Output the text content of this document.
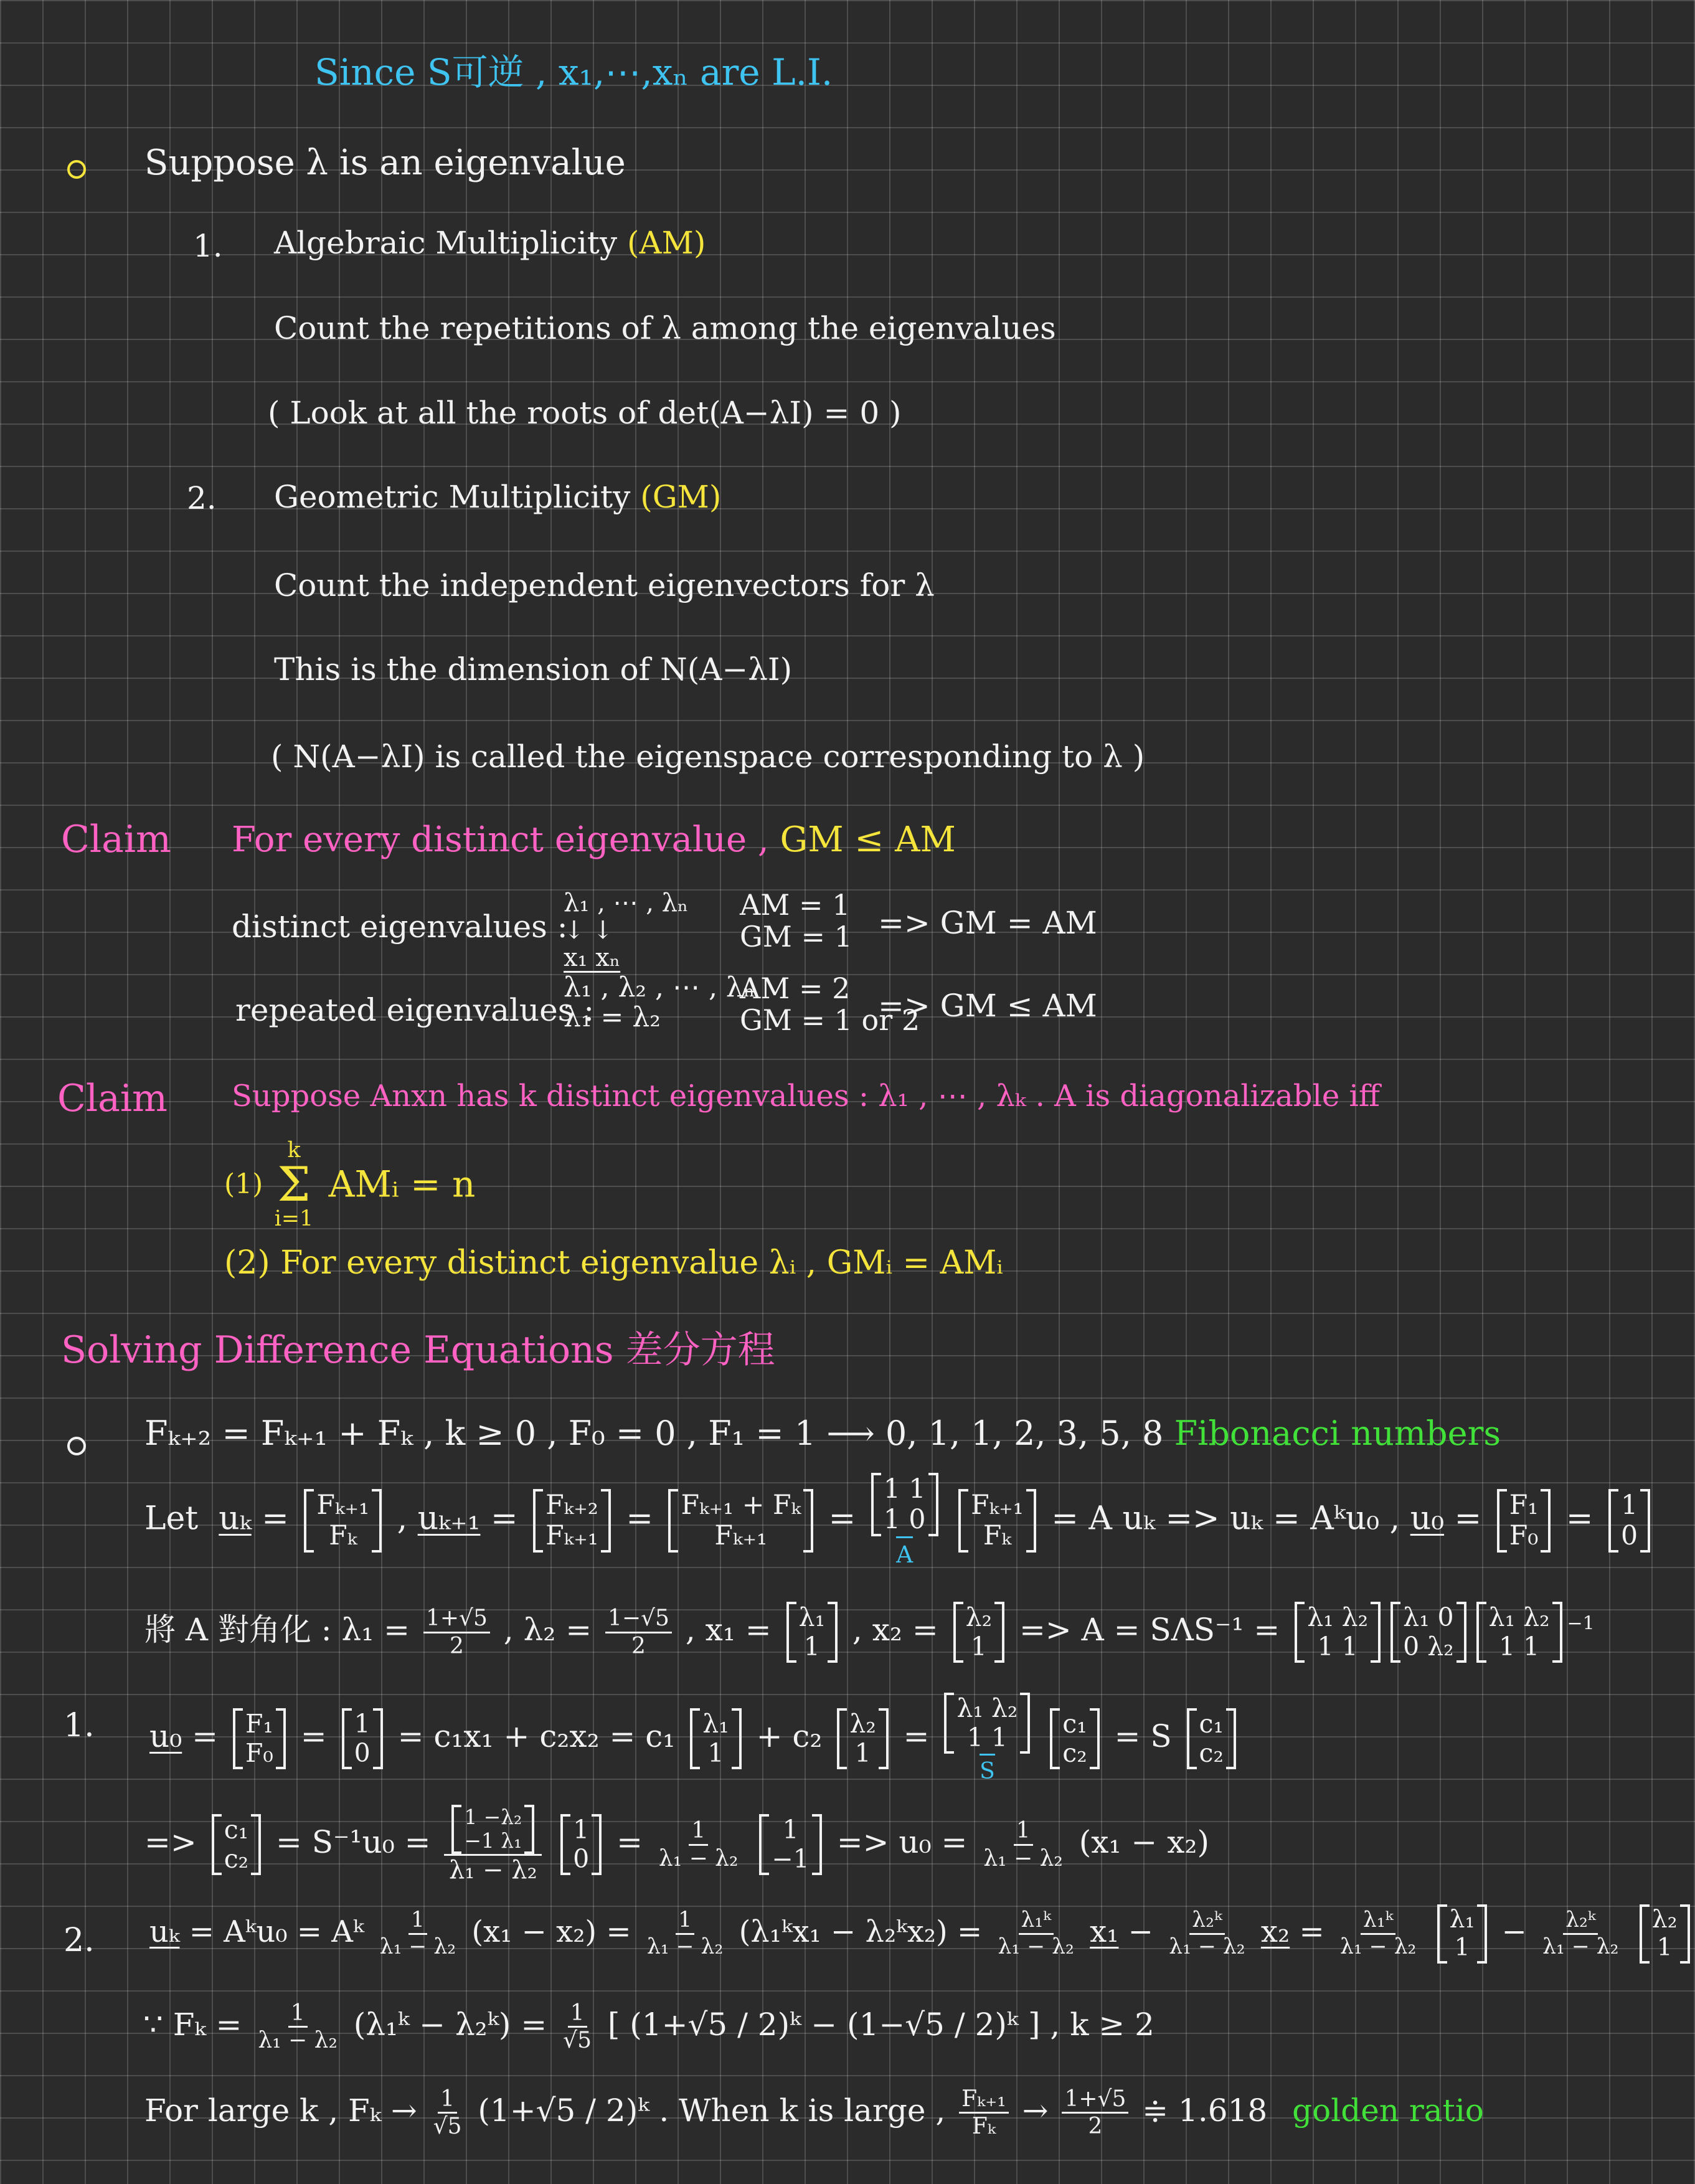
Since S可逆 , x₁,⋯,xₙ are L.I.
Suppose λ is an eigenvalue
1. Algebraic Multiplicity (AM)
Count the repetitions of λ among the eigenvalues
( Look at all the roots of det(A−λI) = 0 )
2. Geometric Multiplicity (GM)
Count the independent eigenvectors for λ
This is the dimension of N(A−λI)
( N(A−λI) is called the eigenspace corresponding to λ )
Claim For every distinct eigenvalue , GM ≤ AM
distinct eigenvalues :
λ₁ , ⋯ , λₙ
↓ ↓
x₁ xₙ
AM = 1
GM = 1 => GM = AM
repeated eigenvalues :
λ₁ , λ₂ , ⋯ , λₙ
λ₁ = λ₂
AM = 2
GM = 1 or 2
=> GM ≤ AM
Claim Suppose Anxn has k distinct eigenvalues : λ₁ , ⋯ , λₖ . A is diagonalizable iff
(1)
k
Σ
i=1
AMᵢ = n
(2) For every distinct eigenvalue λᵢ , GMᵢ = AMᵢ
Solving Difference Equations 差分方程
Fₖ₊₂ = Fₖ₊₁ + Fₖ , k ≥ 0 , F₀ = 0 , F₁ = 1 ⟶ 0, 1, 1, 2, 3, 5, 8 Fibonacci numbers
Let uₖ = Fₖ₊₁
Fₖ	, uₖ₊₁ = Fₖ₊₂
Fₖ₊₁ = Fₖ₊₁ + Fₖ
Fₖ₊₁	=
1 1
1 0
A

Fₖ₊₁
Fₖ	= A uₖ => uₖ = Aᵏu₀ , u₀ = F₁
F₀ = 1
0
將 A 對角化 : $\lambda_1 = \frac{1+√5}{2}$ , $\lambda_2 = \frac{1-√5}{2}$ , x₁ = λ₁
1 , x₂ = λ₂
1 => A = SΛS⁻¹ = λ₁ λ₂
1 1
λ₁ 0
0 λ₂
λ₁ λ₂
1 1
$^{-1}$
1. u₀ = F₁
F₀ = 1
0 = c₁x₁ + c₂x₂ = c₁ λ₁
1 + c₂ λ₂
1 =
λ₁ λ₂
1 1
S

c₁
c₂ = S c₁
c₂
=> c₁
c₂ = S⁻¹u₀ = 1 −λ₂
−1 λ₁
λ₁ − λ₂
1
$0 = \frac{1}{\text{λ₁ − λ₂}}$
	1
$-1 => u_0 = \frac{1}{\text{λ₁ − λ₂}} (x_1 - x_2)$
2. uₖ = Aᵏu₀ = Aᵏ $\frac{1}{\text{λ₁ − λ₂}} (x_1 - x_2) = \frac{1}{\text{λ₁ − λ₂}}$ (λ₁ᵏx₁ − λ₂ᵏx₂) = $\frac{\text{λ₁ᵏ}}{\text{λ₁ − λ₂}} x_1 - \frac{\text{λ₂ᵏ}}{\text{λ₁ − λ₂}} x_2 = \frac{\text{λ₁ᵏ}}{\text{λ₁ − λ₂}}$
λ₁
$1 - \frac{\text{λ₂ᵏ}}{\text{λ₁ − λ₂}}$
λ₂
1
∵ $F_k = \frac{1}{\text{λ₁ − λ₂}}$ (λ₁ᵏ − λ₂ᵏ) = $\frac{1}{√5}$ [ (1+√5 / 2)ᵏ − (1−√5 / 2)ᵏ ] , k ≥ 2
For large k , $F_k \to \frac{1}{√5} (1+√5$ / 2)ᵏ . When k is large , $\frac{\text{Fₖ₊₁}}{\text{Fₖ}} \to \frac{1+√5}{2}$ ≑ 1.618 golden ratio
